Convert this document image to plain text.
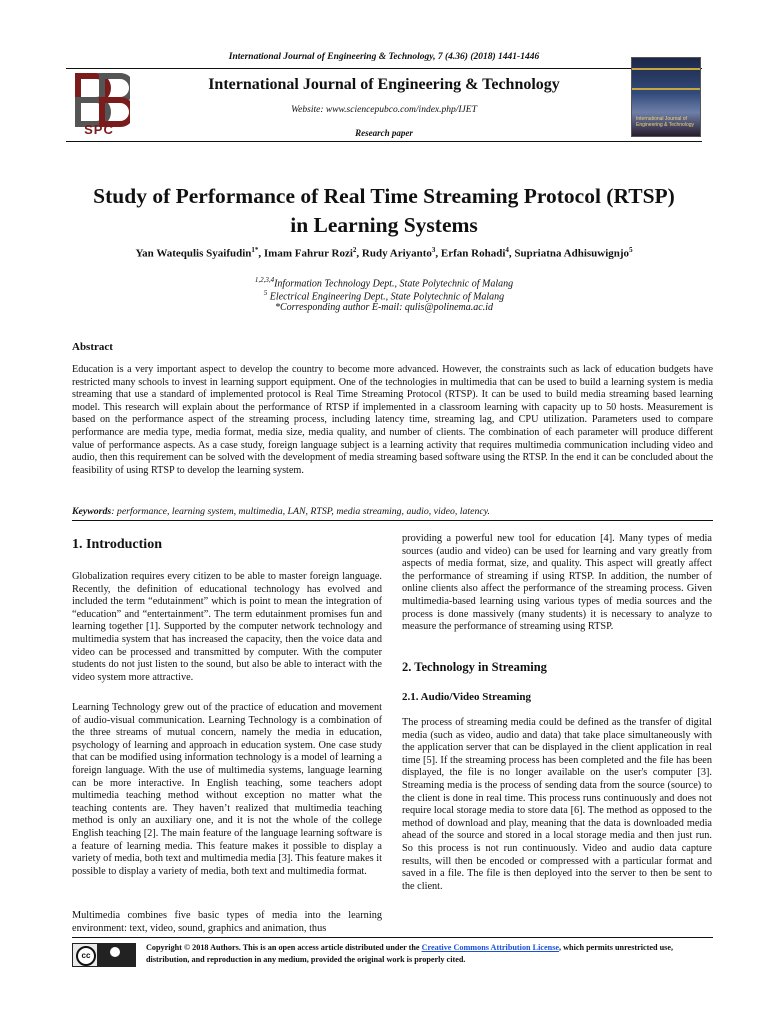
International Journal of Engineering & Technology, 7 (4.36) (2018) 1441-1446
SPC
International Journal of Engineering & Technology
Website: www.sciencepubco.com/index.php/IJET
Research paper
International Journal of Engineering & Technology
Study of Performance of Real Time Streaming Protocol (RTSP)
in Learning Systems
Yan Watequlis Syaifudin$^{1*}$, Imam Fahrur Rozi$^2$, Rudy Ariyanto$^3$, Erfan Rohadi$^4$, Supriatna Adhisuwignjo$^5$
$^{1,2,3,4}$Information Technology Dept., State Polytechnic of Malang
$^5$ Electrical Engineering Dept., State Polytechnic of Malang
*Corresponding author E-mail: qulis@polinema.ac.id
Abstract
Education is a very important aspect to develop the country to become more advanced. However, the constraints such as lack of education budgets have restricted many schools to invest in learning support equipment. One of the technologies in multimedia that can be used to build a learning system is media streaming that use a standard of implemented protocol is Real Time Streaming Protocol (RTSP). It can be used to build media streaming based learning model. This research will explain about the performance of RTSP if implemented in a classroom learning with capacity up to 50 hosts. Measurement is based on the performance aspect of the streaming process, including latency time, streaming lag, and CPU utilization. Parameters used to compare performance are media type, media format, media size, media quality, and number of clients. The combination of each parameter will produce different value of performance aspects. As a case study, foreign language subject is a learning activity that requires multimedia communication including video and audio, then this requirement can be solved with the development of media streaming based software using the RTSP. In the end it can be concluded about the feasibility of using RTSP to develop the learning system.
Keywords: performance, learning system, multimedia, LAN, RTSP, media streaming, audio, video, latency.
1. Introduction
Globalization requires every citizen to be able to master foreign language. Recently, the definition of educational technology has evolved and included the term “edutainment” which is point to mean the integration of “education” and “entertainment”. The term edutainment promises fun and learning together [1]. Supported by the computer network technology and multimedia system that has increased the capacity, then the voice data and video can be processed and transmitted by computer. With the computer students do not just listen to the sound, but also be able to interact with the video system more attractive.
Learning Technology grew out of the practice of education and movement of audio-visual communication. Learning Technology is a combination of the three streams of mutual concern, namely the media in education, psychology of learning and approach in education system. One case study that can be modified using information technology is a model of learning a foreign language. With the use of multimedia systems, language learning can be more interactive. In English teaching, some teachers adopt multimedia teaching method without exception no matter what the teaching contents are. They haven’t realized that multimedia teaching method is only an auxiliary one, and it is not the whole of the college English teaching [2]. The main feature of the language learning software is a feature of learning media. This feature makes it possible to display a variety of media, both text and multimedia media [3]. This feature makes it possible to display a variety of media, both text and multimedia format.
Multimedia combines five basic types of media into the learning environment: text, video, sound, graphics and animation, thus
providing a powerful new tool for education [4]. Many types of media sources (audio and video) can be used for learning and vary greatly from aspects of media format, size, and quality. This aspect will greatly affect the performance of streaming if using RTSP. In addition, the number of online clients also affect the performance of the streaming process. Given multimedia-based learning using various types of media sources and the process is done massively (many students) it is necessary to analyze to measure the performance of streaming using RTSP.
2. Technology in Streaming
2.1. Audio/Video Streaming
The process of streaming media could be defined as the transfer of digital media (such as video, audio and data) that take place simultaneously with the application server that can be displayed in the client application in real time [5]. If the streaming process has been completed and the file has been displayed, the file is no longer available on the user's computer [3]. Streaming media is the process of sending data from the source (source) to the client is done in real time. This process runs continuously and does not require local storage media to store data [6]. The method as opposed to the method of download and play, meaning that the data is downloaded media ahead of the source and stored in a local storage media and then just run. So this process is not run continuously. Video and audio data capture results, will then be encoded or compressed with a particular format and saved in a file. The file is then deployed into the server to then be sent to the client.
cc
Copyright © 2018 Authors. This is an open access article distributed under the Creative Commons Attribution License, which permits unrestricted use, distribution, and reproduction in any medium, provided the original work is properly cited.
